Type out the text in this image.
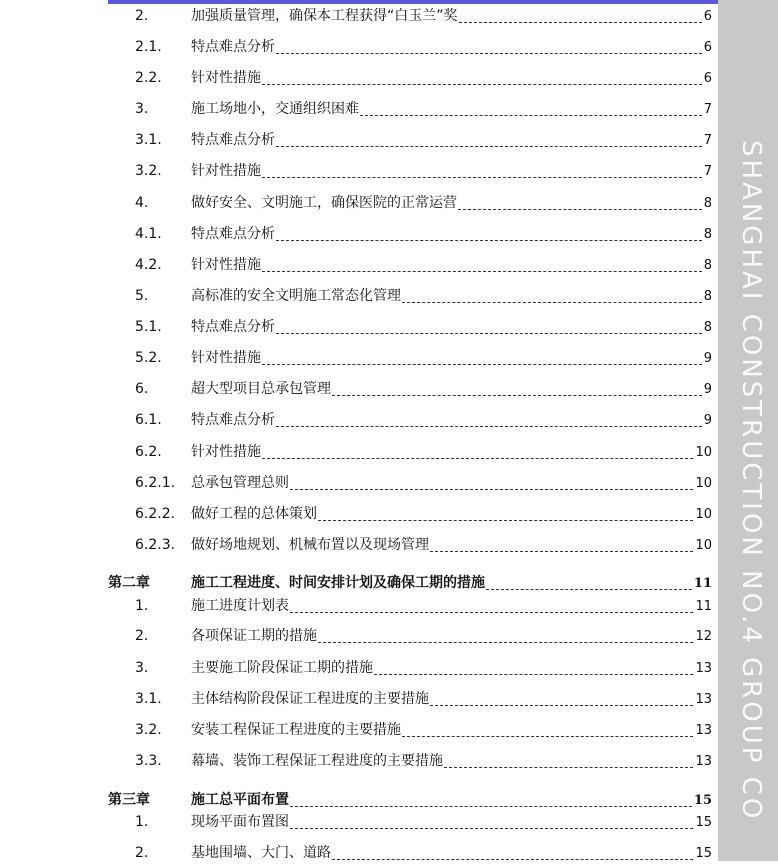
SHANGHAI CONSTRUCTION NO.4 GROUP CO
2.	加强质量管理，确保本工程获得“白玉兰”奖	6
2.1. 特点难点分析	6
2.2. 针对性措施	6
3.	施工场地小，交通组织困难	7
3.1. 特点难点分析	7
3.2. 针对性措施	7
4.	做好安全、文明施工，确保医院的正常运营	8
4.1. 特点难点分析	8
4.2. 针对性措施	8
5.	高标准的安全文明施工常态化管理	8
5.1. 特点难点分析	8
5.2. 针对性措施	9
6.	超大型项目总承包管理	9
6.1. 特点难点分析	9
6.2. 针对性措施	10
6.2.1. 总承包管理总则	10
6.2.2. 做好工程的总体策划	10
6.2.3. 做好场地规划、机械布置以及现场管理	10
第二章	施工工程进度、时间安排计划及确保工期的措施	11
1.	施工进度计划表	11
2.	各项保证工期的措施	12
3.	主要施工阶段保证工期的措施	13
3.1. 主体结构阶段保证工程进度的主要措施	13
3.2. 安装工程保证工程进度的主要措施	13
3.3. 幕墙、装饰工程保证工程进度的主要措施	13
第三章	施工总平面布置	15
1.	现场平面布置图	15
2.	基地围墙、大门、道路	15
